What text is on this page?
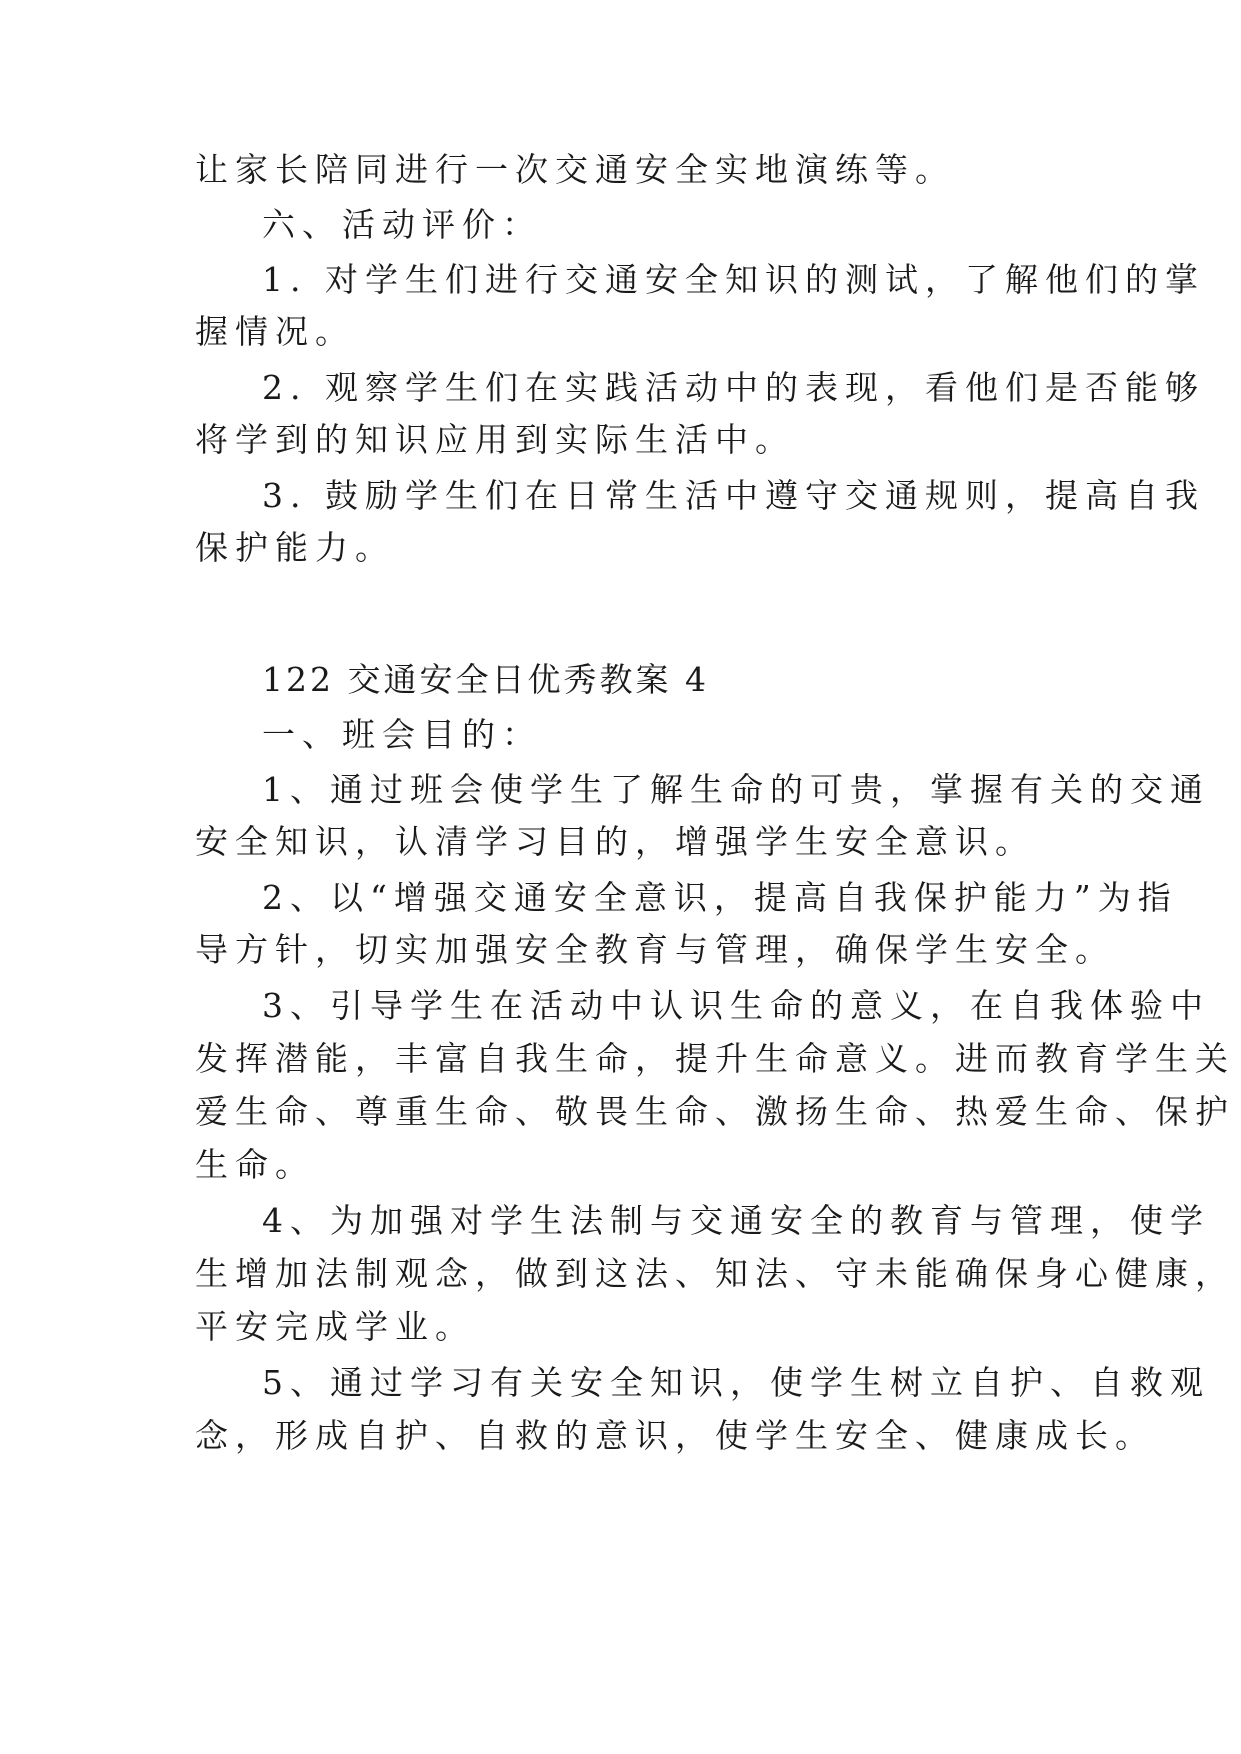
让家长陪同进行一次交通安全实地演练等。
六、活动评价：
1. 对学生们进行交通安全知识的测试，了解他们的掌
握情况。
2. 观察学生们在实践活动中的表现，看他们是否能够
将学到的知识应用到实际生活中。
3. 鼓励学生们在日常生活中遵守交通规则，提高自我
保护能力。
122 交通安全日优秀教案 4
一、班会目的：
1、通过班会使学生了解生命的可贵，掌握有关的交通
安全知识，认清学习目的，增强学生安全意识。
2、以“增强交通安全意识，提高自我保护能力”为指
导方针，切实加强安全教育与管理，确保学生安全。
3、引导学生在活动中认识生命的意义，在自我体验中
发挥潜能，丰富自我生命，提升生命意义。进而教育学生关
爱生命、尊重生命、敬畏生命、激扬生命、热爱生命、保护
生命。
4、为加强对学生法制与交通安全的教育与管理，使学
生增加法制观念，做到这法、知法、守未能确保身心健康，
平安完成学业。
5、通过学习有关安全知识，使学生树立自护、自救观
念，形成自护、自救的意识，使学生安全、健康成长。
